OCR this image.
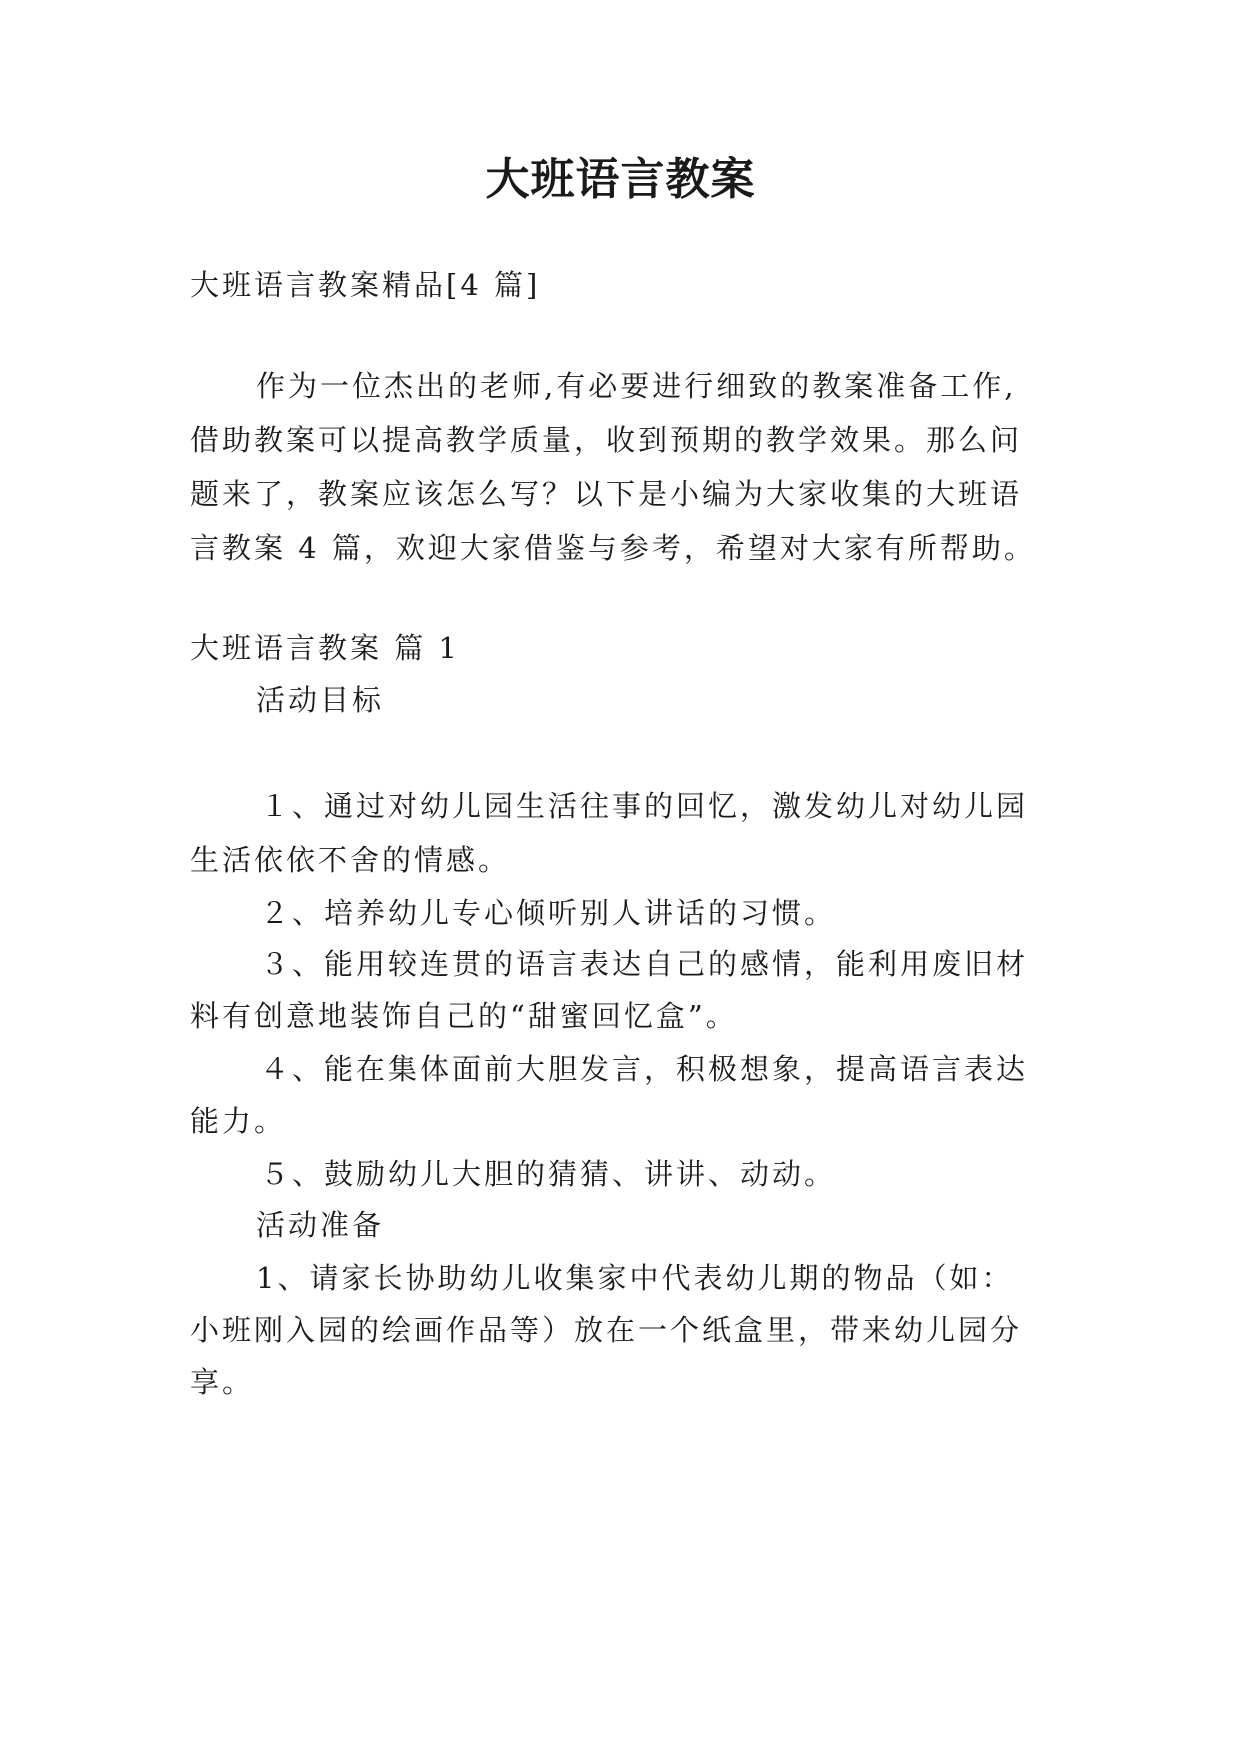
大班语言教案

大班语言教案精品[4 篇]

作为一位杰出的老师,有必要进行细致的教案准备工作,

借助教案可以提高教学质量，收到预期的教学效果。那么问

题来了，教案应该怎么写？以下是小编为大家收集的大班语

言教案 4 篇，欢迎大家借鉴与参考，希望对大家有所帮助。

大班语言教案 篇 1

活动目标

１、通过对幼儿园生活往事的回忆，激发幼儿对幼儿园

生活依依不舍的情感。

２、培养幼儿专心倾听别人讲话的习惯。

３、能用较连贯的语言表达自己的感情，能利用废旧材

料有创意地装饰自己的“甜蜜回忆盒”。

４、能在集体面前大胆发言，积极想象，提高语言表达

能力。

５、鼓励幼儿大胆的猜猜、讲讲、动动。

活动准备

1、请家长协助幼儿收集家中代表幼儿期的物品（如：

小班刚入园的绘画作品等）放在一个纸盒里，带来幼儿园分

享。
